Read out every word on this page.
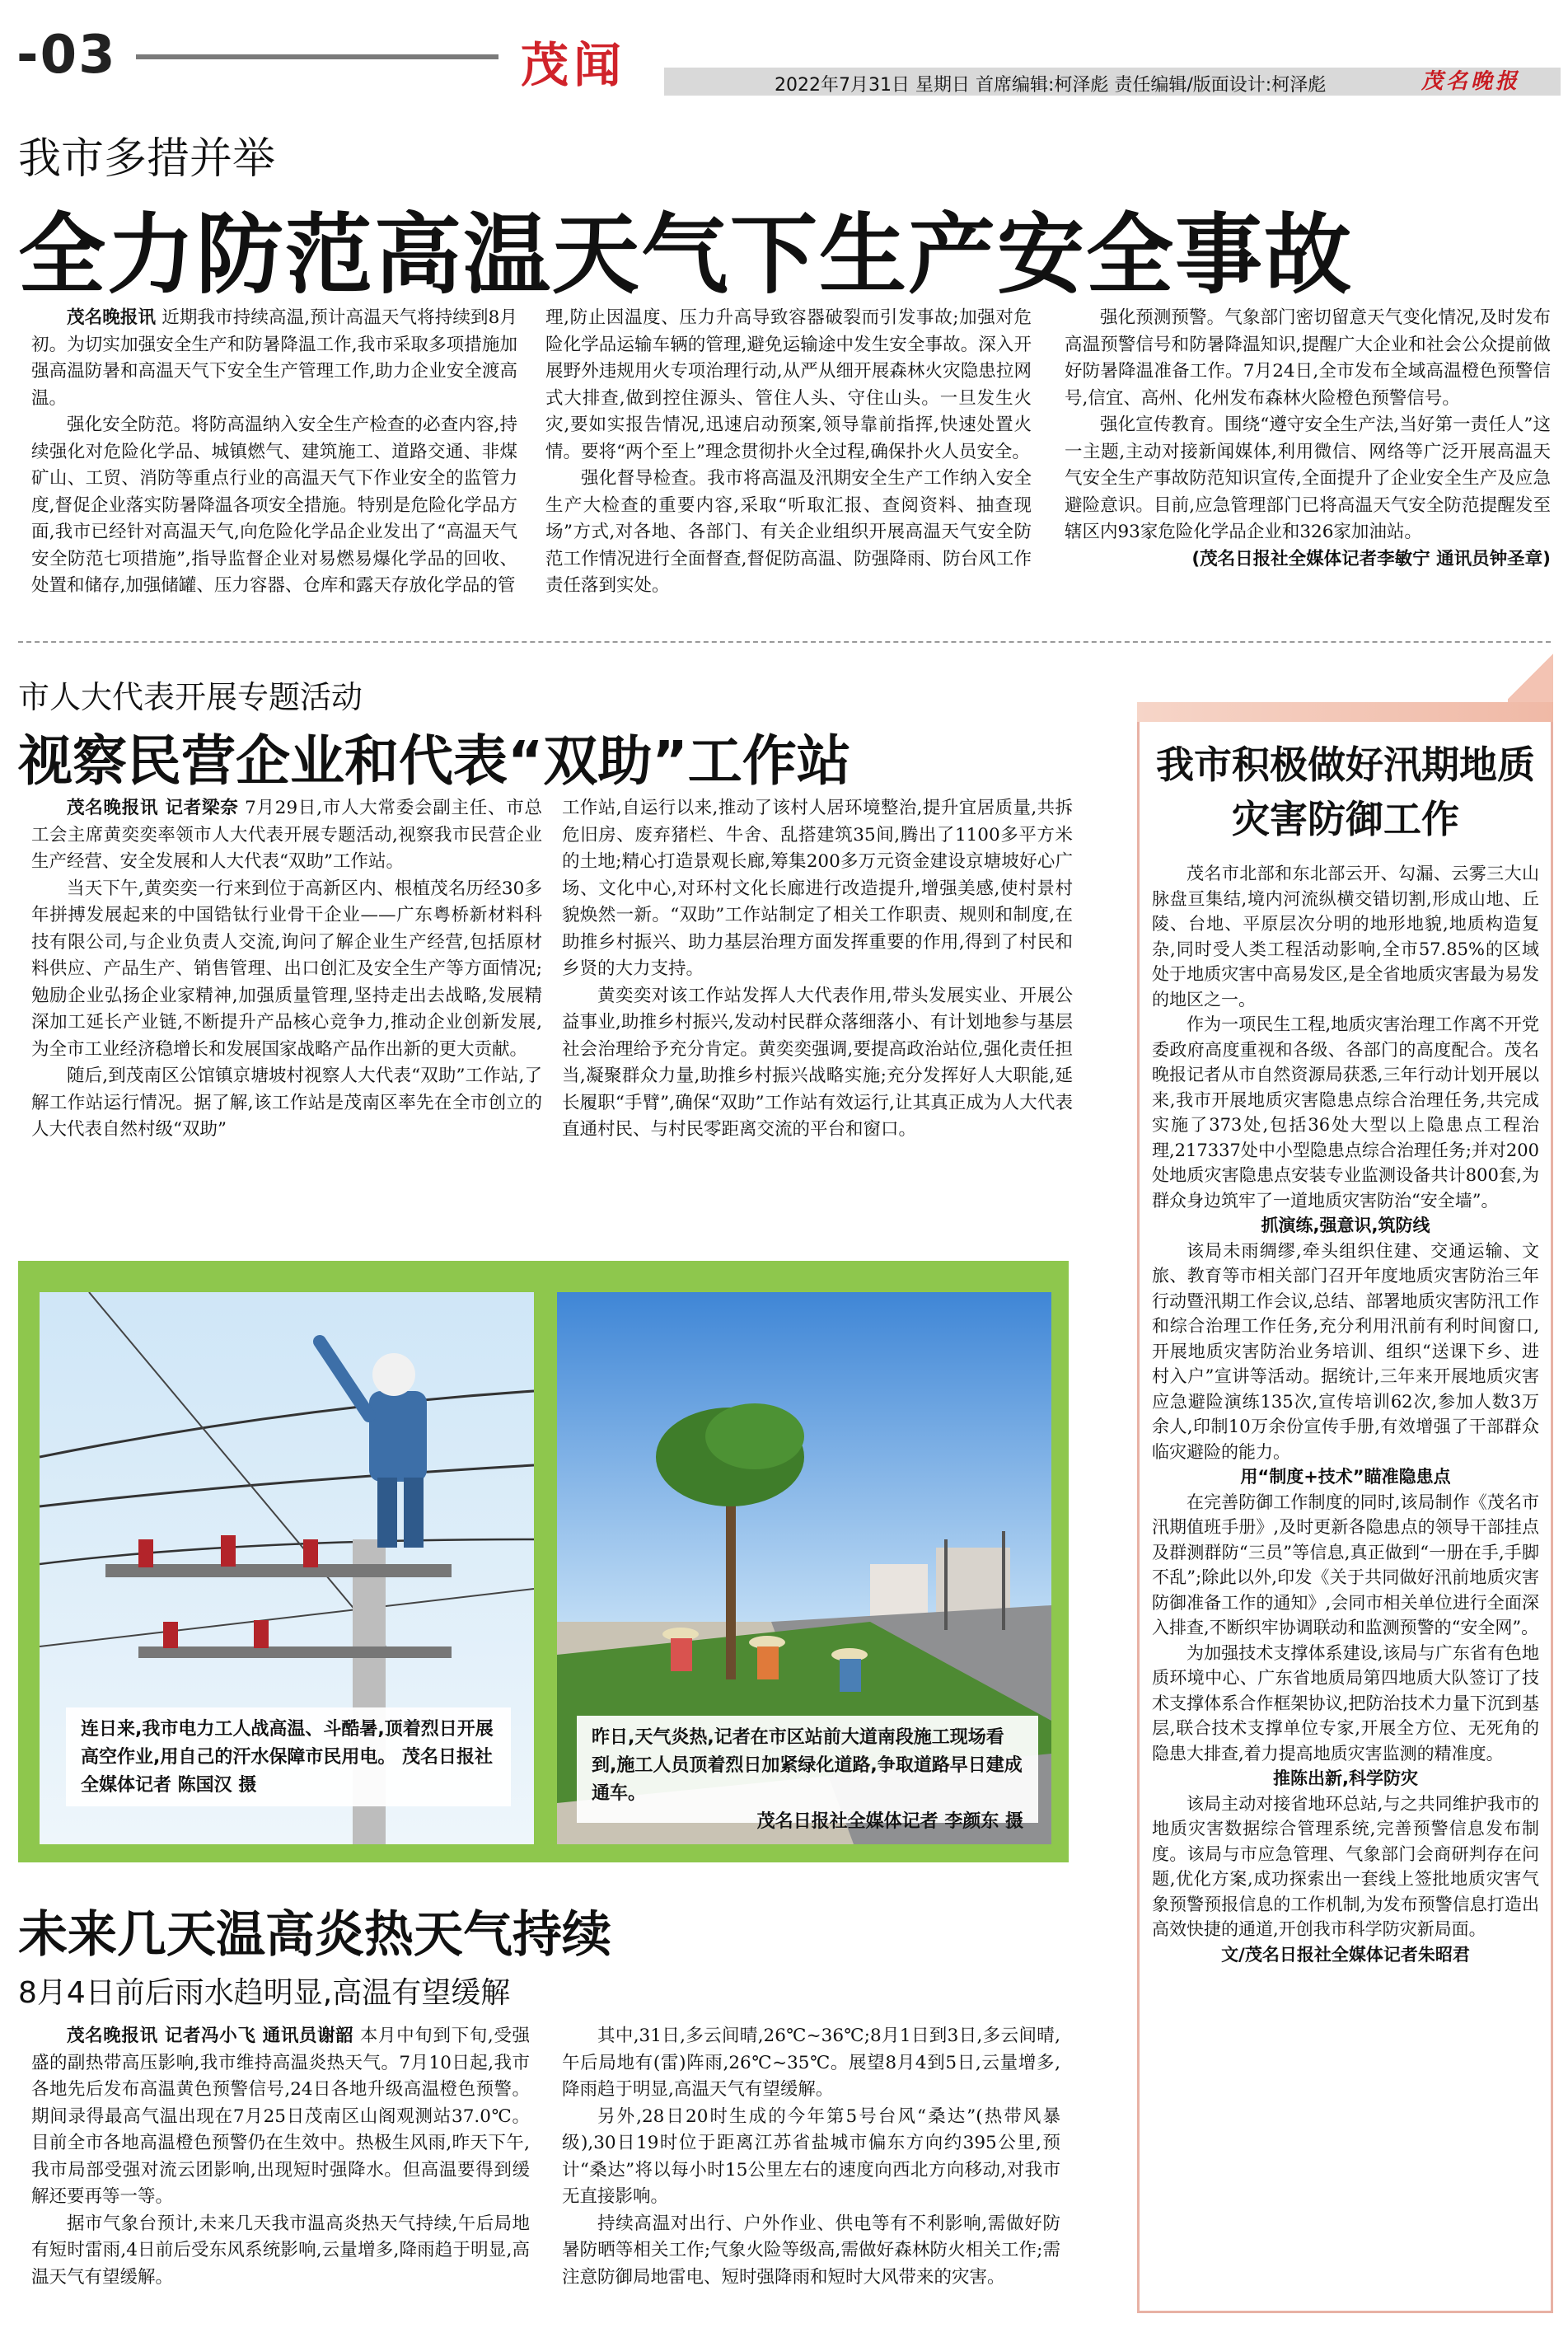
-03	茂闻	2022年7月31日 星期日 首席编辑:柯泽彪 责任编辑/版面设计:柯泽彪	茂名晚报
我市多措并举
全力防范高温天气下生产安全事故

茂名晚报讯 近期我市持续高温,预计高温天气将持续到8月初。为切实加强安全生产和防暑降温工作,我市采取多项措施加强高温防暑和高温天气下安全生产管理工作,助力企业安全渡高温。

强化安全防范。将防高温纳入安全生产检查的必查内容,持续强化对危险化学品、城镇燃气、建筑施工、道路交通、非煤矿山、工贸、消防等重点行业的高温天气下作业安全的监管力度,督促企业落实防暑降温各项安全措施。特别是危险化学品方面,我市已经针对高温天气,向危险化学品企业发出了“高温天气安全防范七项措施”,指导监督企业对易燃易爆化学品的回收、处置和储存,加强储罐、压力容器、仓库和露天存放化学品的管

理,防止因温度、压力升高导致容器破裂而引发事故;加强对危险化学品运输车辆的管理,避免运输途中发生安全事故。深入开展野外违规用火专项治理行动,从严从细开展森林火灾隐患拉网式大排查,做到控住源头、管住人头、守住山头。一旦发生火灾,要如实报告情况,迅速启动预案,领导靠前指挥,快速处置火情。要将“两个至上”理念贯彻扑火全过程,确保扑火人员安全。

强化督导检查。我市将高温及汛期安全生产工作纳入安全生产大检查的重要内容,采取“听取汇报、查阅资料、抽查现场”方式,对各地、各部门、有关企业组织开展高温天气安全防范工作情况进行全面督查,督促防高温、防强降雨、防台风工作责任落到实处。

强化预测预警。气象部门密切留意天气变化情况,及时发布高温预警信号和防暑降温知识,提醒广大企业和社会公众提前做好防暑降温准备工作。7月24日,全市发布全域高温橙色预警信号,信宜、高州、化州发布森林火险橙色预警信号。

强化宣传教育。围绕“遵守安全生产法,当好第一责任人”这一主题,主动对接新闻媒体,利用微信、网络等广泛开展高温天气安全生产事故防范知识宣传,全面提升了企业安全生产及应急避险意识。目前,应急管理部门已将高温天气安全防范提醒发至辖区内93家危险化学品企业和326家加油站。

(茂名日报社全媒体记者李敏宁 通讯员钟圣章)

市人大代表开展专题活动
视察民营企业和代表“双助”工作站

茂名晚报讯 记者梁奈 7月29日,市人大常委会副主任、市总工会主席黄奕奕率领市人大代表开展专题活动,视察我市民营企业生产经营、安全发展和人大代表“双助”工作站。

当天下午,黄奕奕一行来到位于高新区内、根植茂名历经30多年拼搏发展起来的中国锆钛行业骨干企业——广东粤桥新材料科技有限公司,与企业负责人交流,询问了解企业生产经营,包括原材料供应、产品生产、销售管理、出口创汇及安全生产等方面情况;勉励企业弘扬企业家精神,加强质量管理,坚持走出去战略,发展精深加工延长产业链,不断提升产品核心竞争力,推动企业创新发展,为全市工业经济稳增长和发展国家战略产品作出新的更大贡献。

随后,到茂南区公馆镇京塘坡村视察人大代表“双助”工作站,了解工作站运行情况。据了解,该工作站是茂南区率先在全市创立的人大代表自然村级“双助”

工作站,自运行以来,推动了该村人居环境整治,提升宜居质量,共拆危旧房、废弃猪栏、牛舍、乱搭建筑35间,腾出了1100多平方米的土地;精心打造景观长廊,筹集200多万元资金建设京塘坡好心广场、文化中心,对环村文化长廊进行改造提升,增强美感,使村景村貌焕然一新。“双助”工作站制定了相关工作职责、规则和制度,在助推乡村振兴、助力基层治理方面发挥重要的作用,得到了村民和乡贤的大力支持。

黄奕奕对该工作站发挥人大代表作用,带头发展实业、开展公益事业,助推乡村振兴,发动村民群众落细落小、有计划地参与基层社会治理给予充分肯定。黄奕奕强调,要提高政治站位,强化责任担当,凝聚群众力量,助推乡村振兴战略实施;充分发挥好人大职能,延长履职“手臂”,确保“双助”工作站有效运行,让其真正成为人大代表直通村民、与村民零距离交流的平台和窗口。

我市积极做好汛期地质灾害防御工作

茂名市北部和东北部云开、勾漏、云雾三大山脉盘亘集结,境内河流纵横交错切割,形成山地、丘陵、台地、平原层次分明的地形地貌,地质构造复杂,同时受人类工程活动影响,全市57.85%的区域处于地质灾害中高易发区,是全省地质灾害最为易发的地区之一。

作为一项民生工程,地质灾害治理工作离不开党委政府高度重视和各级、各部门的高度配合。茂名晚报记者从市自然资源局获悉,三年行动计划开展以来,我市开展地质灾害隐患点综合治理任务,共完成实施了373处,包括36处大型以上隐患点工程治理,217337处中小型隐患点综合治理任务;并对200处地质灾害隐患点安装专业监测设备共计800套,为群众身边筑牢了一道地质灾害防治“安全墙”。

抓演练,强意识,筑防线

该局未雨绸缪,牵头组织住建、交通运输、文旅、教育等市相关部门召开年度地质灾害防治三年行动暨汛期工作会议,总结、部署地质灾害防汛工作和综合治理工作任务,充分利用汛前有利时间窗口,开展地质灾害防治业务培训、组织“送课下乡、进村入户”宣讲等活动。据统计,三年来开展地质灾害应急避险演练135次,宣传培训62次,参加人数3万余人,印制10万余份宣传手册,有效增强了干部群众临灾避险的能力。

用“制度+技术”瞄准隐患点

在完善防御工作制度的同时,该局制作《茂名市汛期值班手册》,及时更新各隐患点的领导干部挂点及群测群防“三员”等信息,真正做到“一册在手,手脚不乱”;除此以外,印发《关于共同做好汛前地质灾害防御准备工作的通知》,会同市相关单位进行全面深入排查,不断织牢协调联动和监测预警的“安全网”。

为加强技术支撑体系建设,该局与广东省有色地质环境中心、广东省地质局第四地质大队签订了技术支撑体系合作框架协议,把防治技术力量下沉到基层,联合技术支撑单位专家,开展全方位、无死角的隐患大排查,着力提高地质灾害监测的精准度。

推陈出新,科学防灾

该局主动对接省地环总站,与之共同维护我市的地质灾害数据综合管理系统,完善预警信息发布制度。该局与市应急管理、气象部门会商研判存在问题,优化方案,成功探索出一套线上签批地质灾害气象预警预报信息的工作机制,为发布预警信息打造出高效快捷的通道,开创我市科学防灾新局面。

文/茂名日报社全媒体记者朱昭君

连日来,我市电力工人战高温、斗酷暑,顶着烈日开展高空作业,用自己的汗水保障市民用电。 茂名日报社全媒体记者 陈国汉 摄
昨日,天气炎热,记者在市区站前大道南段施工现场看到,施工人员顶着烈日加紧绿化道路,争取道路早日建成通车。
茂名日报社全媒体记者 李颜东 摄
未来几天温高炎热天气持续
8月4日前后雨水趋明显,高温有望缓解

茂名晚报讯 记者冯小飞 通讯员谢韶 本月中旬到下旬,受强盛的副热带高压影响,我市维持高温炎热天气。7月10日起,我市各地先后发布高温黄色预警信号,24日各地升级高温橙色预警。期间录得最高气温出现在7月25日茂南区山阁观测站37.0℃。目前全市各地高温橙色预警仍在生效中。热极生风雨,昨天下午,我市局部受强对流云团影响,出现短时强降水。但高温要得到缓解还要再等一等。

据市气象台预计,未来几天我市温高炎热天气持续,午后局地有短时雷雨,4日前后受东风系统影响,云量增多,降雨趋于明显,高温天气有望缓解。

其中,31日,多云间晴,26℃~36℃;8月1日到3日,多云间晴,午后局地有(雷)阵雨,26℃~35℃。展望8月4到5日,云量增多,降雨趋于明显,高温天气有望缓解。

另外,28日20时生成的今年第5号台风“桑达”(热带风暴级),30日19时位于距离江苏省盐城市偏东方向约395公里,预计“桑达”将以每小时15公里左右的速度向西北方向移动,对我市无直接影响。

持续高温对出行、户外作业、供电等有不利影响,需做好防暑防晒等相关工作;气象火险等级高,需做好森林防火相关工作;需注意防御局地雷电、短时强降雨和短时大风带来的灾害。
